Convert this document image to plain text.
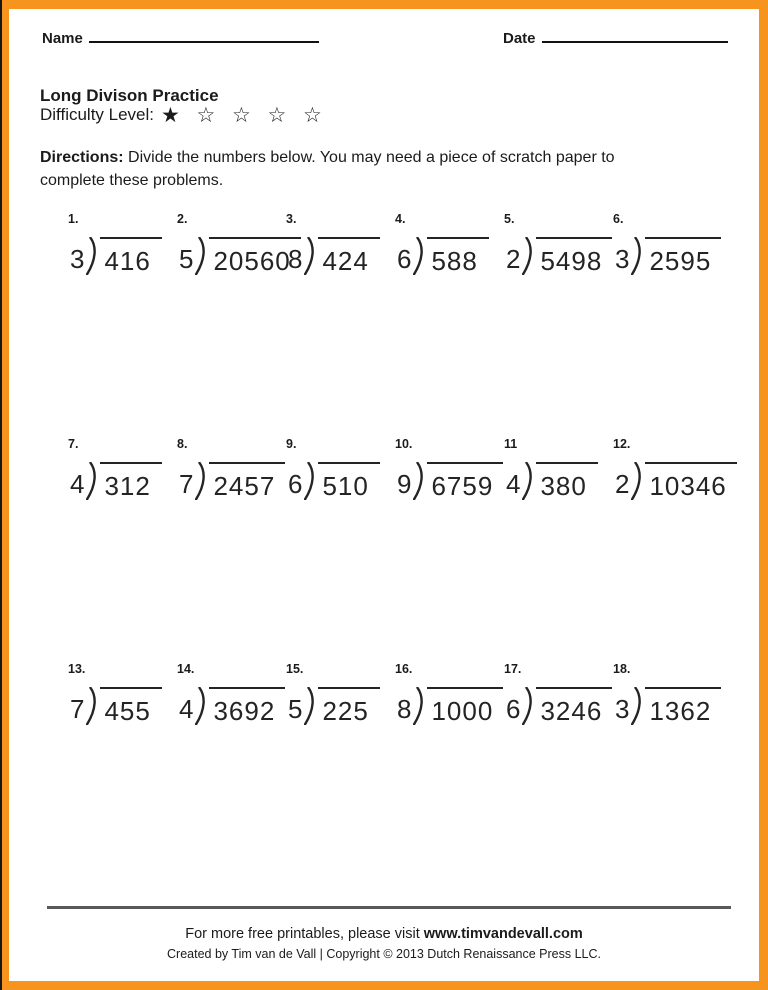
Name	Date
Long Divison Practice
Difficulty Level: ★ ☆ ☆ ☆ ☆

Directions: Divide the numbers below. You may need a piece of scratch paper to complete these problems.

1.
3 416
2.
5 20560
3.
8 424
4.
6 588
5.
2 5498
6.
3 2595
7.
4 312
8.
7 2457
9.
6 510
10.
9 6759
11
4 380
12.
2 10346
13.
7 455
14.
4 3692
15.
5 225
16.
8 1000
17.
6 3246
18.
3 1362
For more free printables, please visit www.timvandevall.com
Created by Tim van de Vall | Copyright © 2013 Dutch Renaissance Press LLC.
